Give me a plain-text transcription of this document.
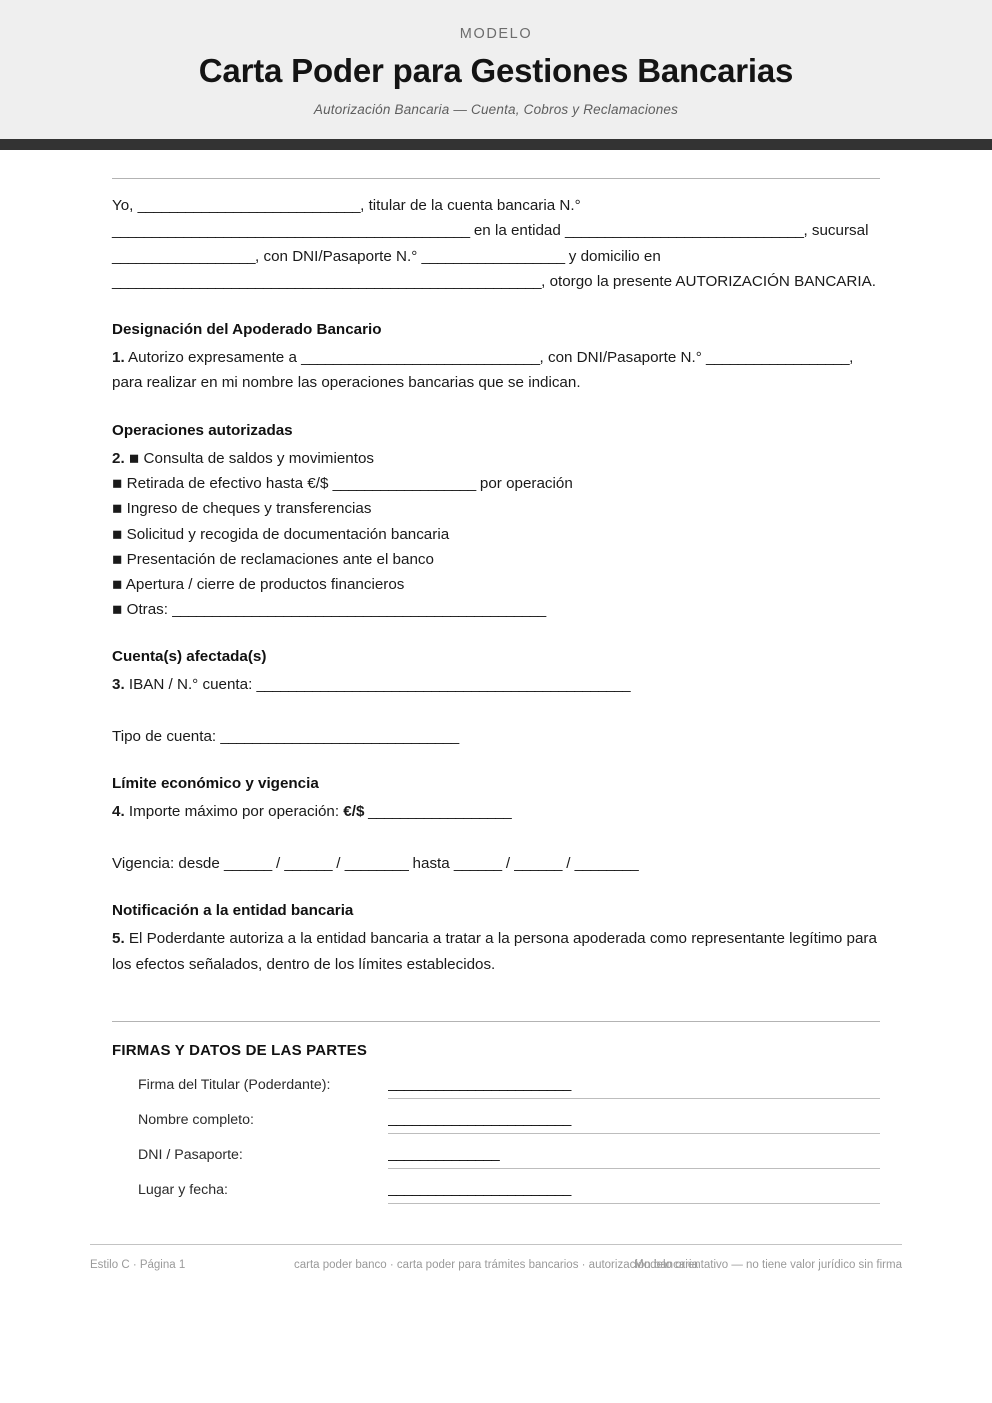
MODELO
Carta Poder para Gestiones Bancarias
Autorización Bancaria — Cuenta, Cobros y Reclamaciones

Yo, ____________________________, titular de la cuenta bancaria N.° _____________________________________________ en la entidad ______________________________, sucursal __________________, con DNI/Pasaporte N.° __________________ y domicilio en ______________________________________________________, otorgo la presente AUTORIZACIÓN BANCARIA.

Designación del Apoderado Bancario

1. Autorizo expresamente a ______________________________, con DNI/Pasaporte N.° __________________, para realizar en mi nombre las operaciones bancarias que se indican.

Operaciones autorizadas
2. ◼ Consulta de saldos y movimientos
◼ Retirada de efectivo hasta €/$ __________________ por operación
◼ Ingreso de cheques y transferencias
◼ Solicitud y recogida de documentación bancaria
◼ Presentación de reclamaciones ante el banco
◼ Apertura / cierre de productos financieros
◼ Otras: _______________________________________________
Cuenta(s) afectada(s)

3. IBAN / N.° cuenta: _______________________________________________

Tipo de cuenta: ______________________________

Límite económico y vigencia

4. Importe máximo por operación: €/$ __________________

Vigencia: desde ______ / ______ / ________ hasta ______ / ______ / ________

Notificación a la entidad bancaria

5. El Poderdante autoriza a la entidad bancaria a tratar a la persona apoderada como representante legítimo para los efectos señalados, dentro de los límites establecidos.

FIRMAS Y DATOS DE LAS PARTES
Firma del Titular (Poderdante):	_______________________
Nombre completo:	_______________________
DNI / Pasaporte:	______________
Lugar y fecha:	_______________________
Estilo C · Página 1	carta poder banco · carta poder para trámites bancarios · autorización bancaria
Modelo orientativo — no tiene valor jurídico sin firma
